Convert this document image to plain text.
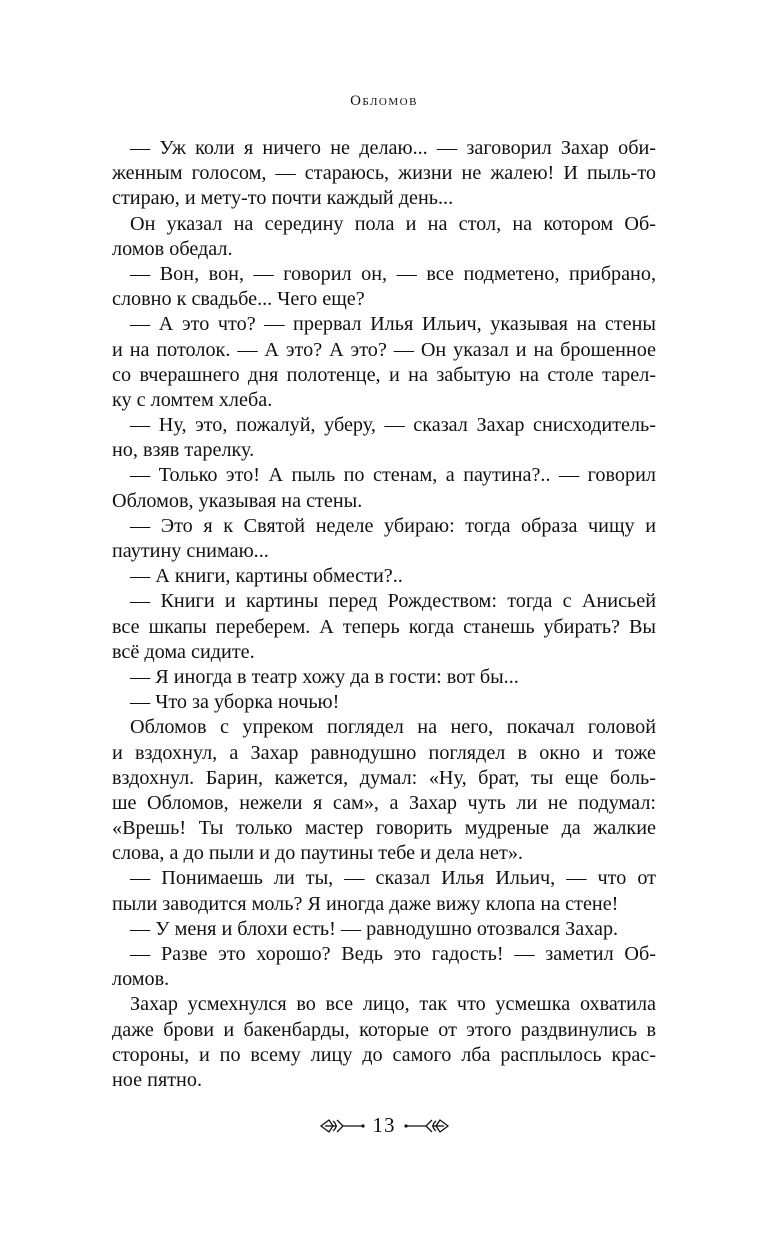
Обломов
— Уж коли я ничего не делаю... — заговорил Захар оби-
женным голосом, — стараюсь, жизни не жалею! И пыль-то
стираю, и мету-то почти каждый день...
Он указал на середину пола и на стол, на котором Об-
ломов обедал.
— Вон, вон, — говорил он, — все подметено, прибрано,
словно к свадьбе... Чего еще?
— А это что? — прервал Илья Ильич, указывая на стены
и на потолок. — А это? А это? — Он указал и на брошенное
со вчерашнего дня полотенце, и на забытую на столе тарел-
ку с ломтем хлеба.
— Ну, это, пожалуй, уберу, — сказал Захар снисходитель-
но, взяв тарелку.
— Только это! А пыль по стенам, а паутина?.. — говорил
Обломов, указывая на стены.
— Это я к Святой неделе убираю: тогда образа чищу и
паутину снимаю...
— А книги, картины обмести?..
— Книги и картины перед Рождеством: тогда с Анисьей
все шкапы переберем. А теперь когда станешь убирать? Вы
всё дома сидите.
— Я иногда в театр хожу да в гости: вот бы...
— Что за уборка ночью!
Обломов с упреком поглядел на него, покачал головой
и вздохнул, а Захар равнодушно поглядел в окно и тоже
вздохнул. Барин, кажется, думал: «Ну, брат, ты еще боль-
ше Обломов, нежели я сам», а Захар чуть ли не подумал:
«Врешь! Ты только мастер говорить мудреные да жалкие
слова, а до пыли и до паутины тебе и дела нет».
— Понимаешь ли ты, — сказал Илья Ильич, — что от
пыли заводится моль? Я иногда даже вижу клопа на стене!
— У меня и блохи есть! — равнодушно отозвался Захар.
— Разве это хорошо? Ведь это гадость! — заметил Об-
ломов.
Захар усмехнулся во все лицо, так что усмешка охватила
даже брови и бакенбарды, которые от этого раздвинулись в
стороны, и по всему лицу до самого лба расплылось крас-
ное пятно.
13
